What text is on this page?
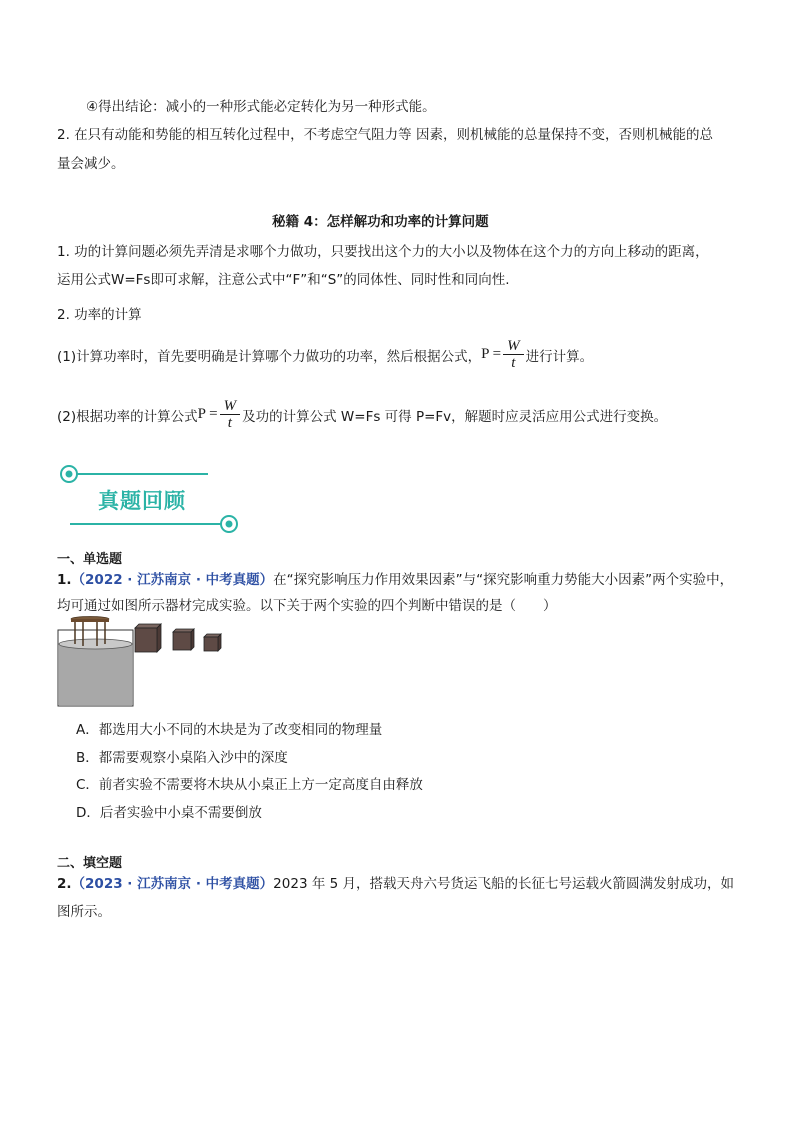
④得出结论：减小的一种形式能必定转化为另一种形式能。
2. 在只有动能和势能的相互转化过程中，不考虑空气阻力等 因素，则机械能的总量保持不变，否则机械能的总
量会减少。
秘籍 4：怎样解功和功率的计算问题
1. 功的计算问题必须先弄清是求哪个力做功，只要找出这个力的大小以及物体在这个力的方向上移动的距离，
运用公式W=Fs即可求解，注意公式中“F”和“S”的同体性、同时性和同向性.
2. 功率的计算
(1)计算功率时，首先要明确是计算哪个力做功的功率，然后根据公式， $P = \frac{W}{t}$ 进行计算。
(2)根据功率的计算公式 $P = \frac{W}{t}$ 及功的计算公式 W=Fs 可得 P=Fv，解题时应灵活应用公式进行变换。
真题回顾
一、单选题
1.（2022 · 江苏南京 · 中考真题）在“探究影响压力作用效果因素”与“探究影响重力势能大小因素”两个实验中，
均可通过如图所示器材完成实验。以下关于两个实验的四个判断中错误的是（　　）
A．都选用大小不同的木块是为了改变相同的物理量
B．都需要观察小桌陷入沙中的深度
C．前者实验不需要将木块从小桌正上方一定高度自由释放
D．后者实验中小桌不需要倒放
二、填空题
2.（2023 · 江苏南京 · 中考真题）2023 年 5 月，搭载天舟六号货运飞船的长征七号运载火箭圆满发射成功，如
图所示。
